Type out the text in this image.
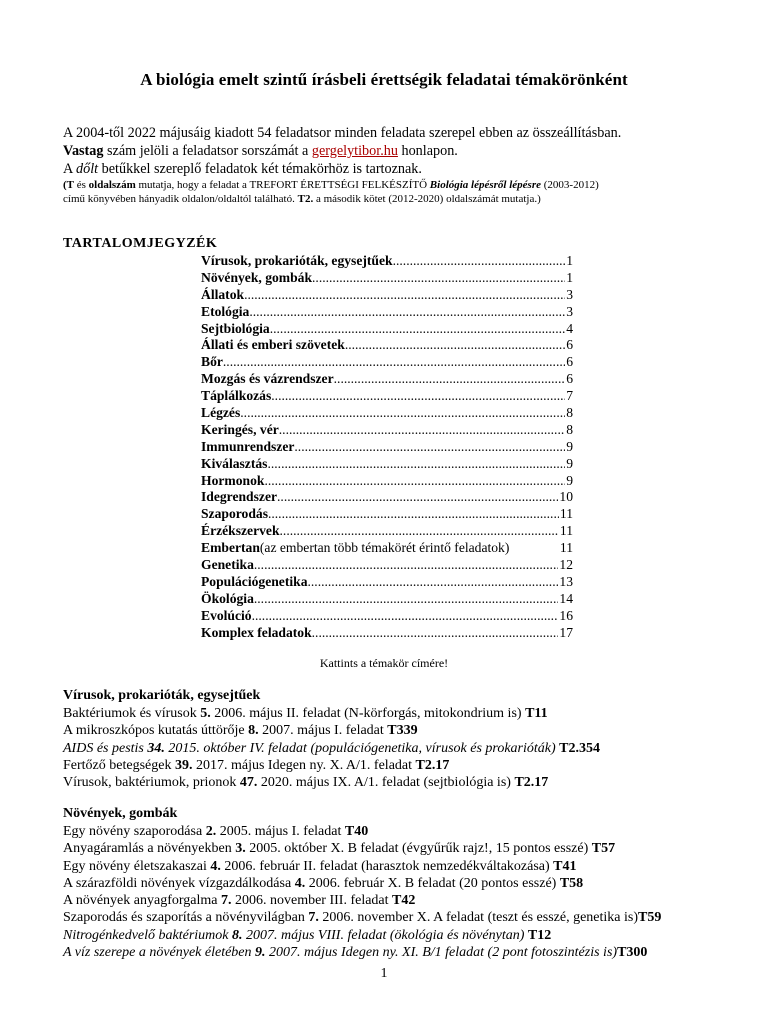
A biológia emelt szintű írásbeli érettségik feladatai témakörönként
A 2004-től 2022 májusáig kiadott 54 feladatsor minden feladata szerepel ebben az összeállításban.
Vastag szám jelöli a feladatsor sorszámát a gergelytibor.hu honlapon.
A dőlt betűkkel szereplő feladatok két témakörhöz is tartoznak.
(T és oldalszám mutatja, hogy a feladat a TREFORT ÉRETTSÉGI FELKÉSZÍTŐ Biológia lépésről lépésre (2003-2012)
című könyvében hányadik oldalon/oldaltól található. T2. a második kötet (2012-2020) oldalszámát mutatja.)
TARTALOMJEGYZÉK
Vírusok, prokarióták, egysejtűek .....	1
Növények, gombák .....	1
Állatok .....	3
Etológia .....	3
Sejtbiológia .....	4
Állati és emberi szövetek .....	6
Bőr .....	6
Mozgás és vázrendszer .....	6
Táplálkozás .....	7
Légzés .....	8
Keringés, vér .....	8
Immunrendszer .....	9
Kiválasztás .....	9
Hormonok .....	9
Idegrendszer .....	10
Szaporodás .....	11
Érzékszervek .....	11
Embertan (az embertan több témakörét érintő feladatok)	11
Genetika .....	12
Populációgenetika .....	13
Ökológia .....	14
Evolúció .....	16
Komplex feladatok .....	17
Kattints a témakör címére!
Vírusok, prokarióták, egysejtűek
Baktériumok és vírusok 5. 2006. május II. feladat (N-körforgás, mitokondrium is) T11
A mikroszkópos kutatás úttörője 8. 2007. május I. feladat T339
AIDS és pestis 34. 2015. október IV. feladat (populációgenetika, vírusok és prokarióták) T2.354
Fertőző betegségek 39. 2017. május Idegen ny. X. A/1. feladat T2.17
Vírusok, baktériumok, prionok 47. 2020. május IX. A/1. feladat (sejtbiológia is) T2.17
Növények, gombák
Egy növény szaporodása 2. 2005. május I. feladat T40
Anyagáramlás a növényekben 3. 2005. október X. B feladat (évgyűrűk rajz!, 15 pontos esszé) T57
Egy növény életszakaszai 4. 2006. február II. feladat (harasztok nemzedékváltakozása) T41
A szárazföldi növények vízgazdálkodása 4. 2006. február X. B feladat (20 pontos esszé) T58
A növények anyagforgalma 7. 2006. november III. feladat T42
Szaporodás és szaporítás a növényvilágban 7. 2006. november X. A feladat (teszt és esszé, genetika is)T59
Nitrogénkedvelő baktériumok 8. 2007. május VIII. feladat (ökológia és növénytan) T12
A víz szerepe a növények életében 9. 2007. május Idegen ny. XI. B/1 feladat (2 pont fotoszintézis is)T300
1
